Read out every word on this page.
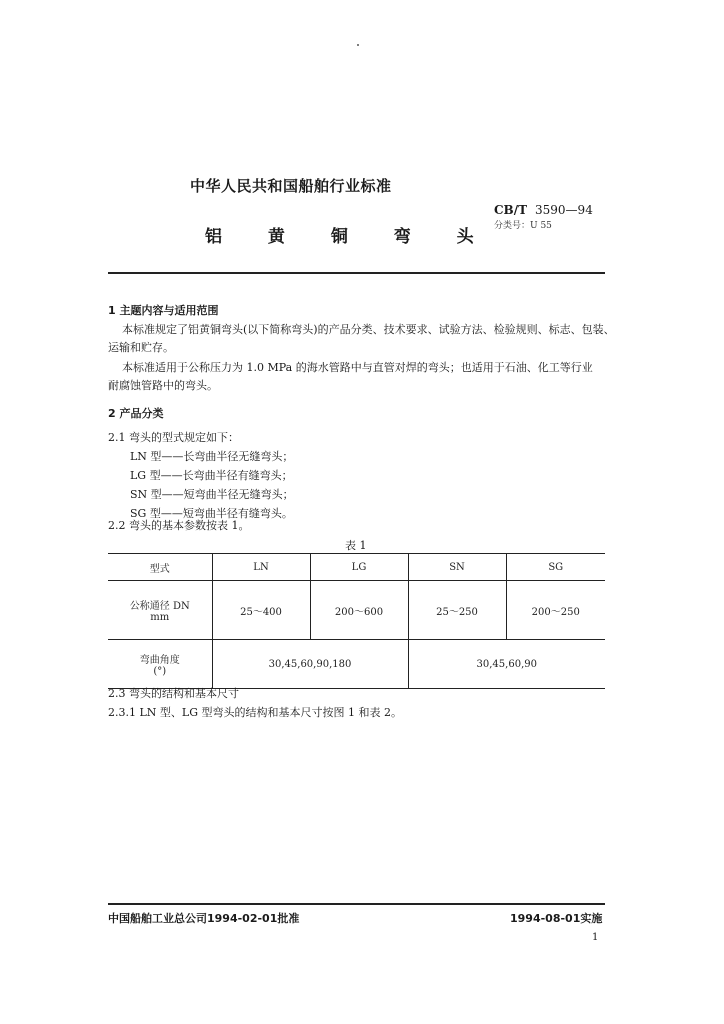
中华人民共和国船舶行业标准
铝 黄 铜 弯 头
CB/T 3590—94
分类号：U 55
1 主题内容与适用范围
本标准规定了铝黄铜弯头(以下简称弯头)的产品分类、技术要求、试验方法、检验规则、标志、包装、
运输和贮存。
本标准适用于公称压力为 1.0 MPa 的海水管路中与直管对焊的弯头；也适用于石油、化工等行业
耐腐蚀管路中的弯头。
2 产品分类
2.1 弯头的型式规定如下：
LN 型——长弯曲半径无缝弯头；
LG 型——长弯曲半径有缝弯头；
SN 型——短弯曲半径无缝弯头；
SG 型——短弯曲半径有缝弯头。
2.2 弯头的基本参数按表 1。
表 1
型式	LN	LG	SN	SG

公称通径 DN
mm	25～400	200～600	25～250	200～250

弯曲角度
(°)	30,45,60,90,180		30,45,60,90	
2.3 弯头的结构和基本尺寸
2.3.1 LN 型、LG 型弯头的结构和基本尺寸按图 1 和表 2。
中国船舶工业总公司1994-02-01批准	1994-08-01实施
1
